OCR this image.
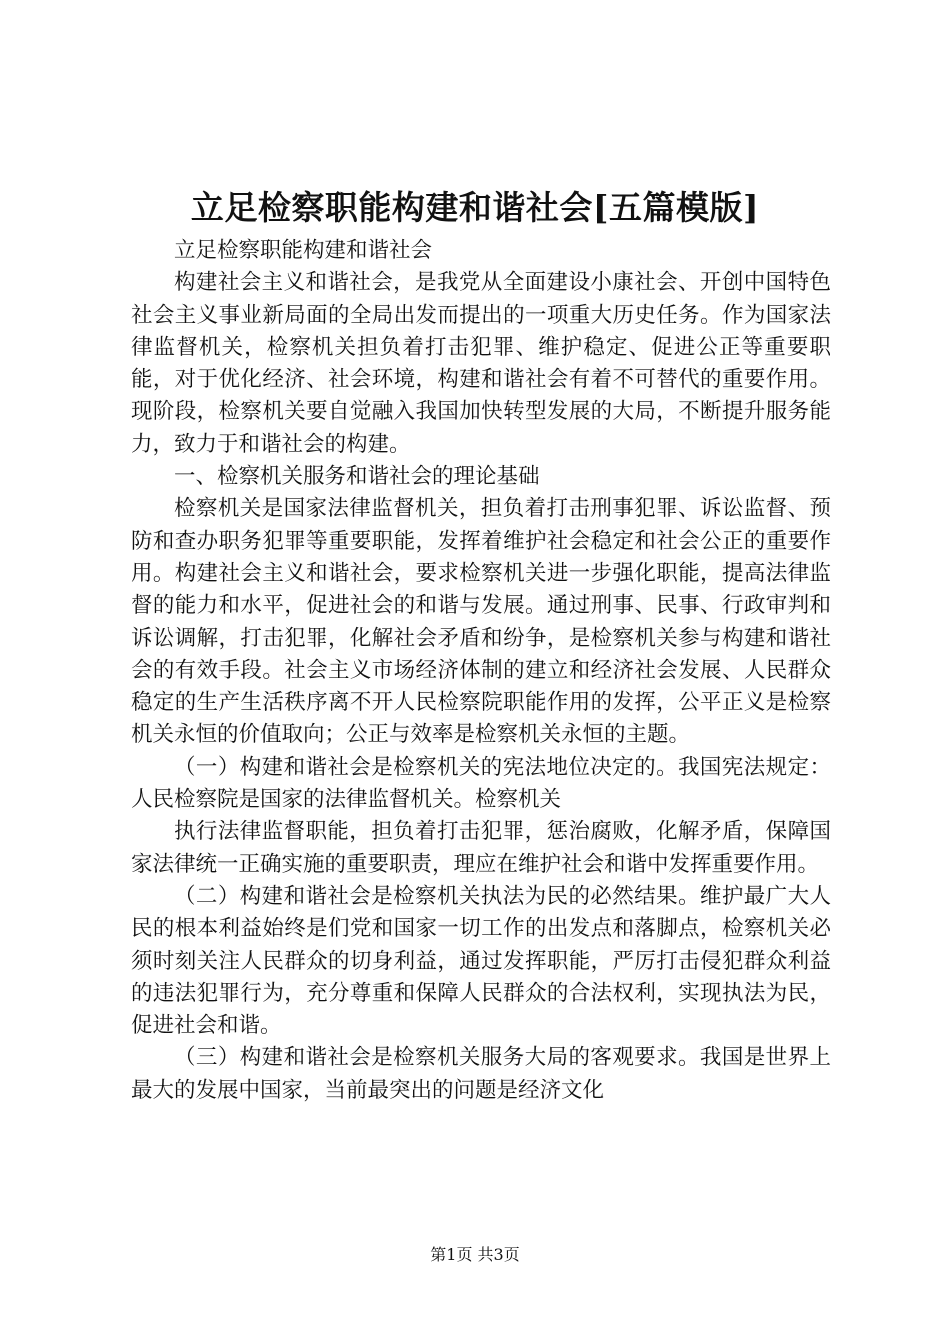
立足检察职能构建和谐社会[五篇模版]

立足检察职能构建和谐社会

构建社会主义和谐社会，是我党从全面建设小康社会、开创中国特色社会主义事业新局面的全局出发而提出的一项重大历史任务。作为国家法律监督机关，检察机关担负着打击犯罪、维护稳定、促进公正等重要职能，对于优化经济、社会环境，构建和谐社会有着不可替代的重要作用。现阶段，检察机关要自觉融入我国加快转型发展的大局，不断提升服务能力，致力于和谐社会的构建。

一、检察机关服务和谐社会的理论基础

检察机关是国家法律监督机关，担负着打击刑事犯罪、诉讼监督、预防和查办职务犯罪等重要职能，发挥着维护社会稳定和社会公正的重要作用。构建社会主义和谐社会，要求检察机关进一步强化职能，提高法律监督的能力和水平，促进社会的和谐与发展。通过刑事、民事、行政审判和诉讼调解，打击犯罪，化解社会矛盾和纷争，是检察机关参与构建和谐社会的有效手段。社会主义市场经济体制的建立和经济社会发展、人民群众稳定的生产生活秩序离不开人民检察院职能作用的发挥，公平正义是检察机关永恒的价值取向；公正与效率是检察机关永恒的主题。

（一）构建和谐社会是检察机关的宪法地位决定的。我国宪法规定：人民检察院是国家的法律监督机关。检察机关

执行法律监督职能，担负着打击犯罪，惩治腐败，化解矛盾，保障国家法律统一正确实施的重要职责，理应在维护社会和谐中发挥重要作用。

（二）构建和谐社会是检察机关执法为民的必然结果。维护最广大人民的根本利益始终是们党和国家一切工作的出发点和落脚点，检察机关必须时刻关注人民群众的切身利益，通过发挥职能，严厉打击侵犯群众利益的违法犯罪行为，充分尊重和保障人民群众的合法权利，实现执法为民，促进社会和谐。

（三）构建和谐社会是检察机关服务大局的客观要求。我国是世界上最大的发展中国家，当前最突出的问题是经济文化

第1页 共3页
